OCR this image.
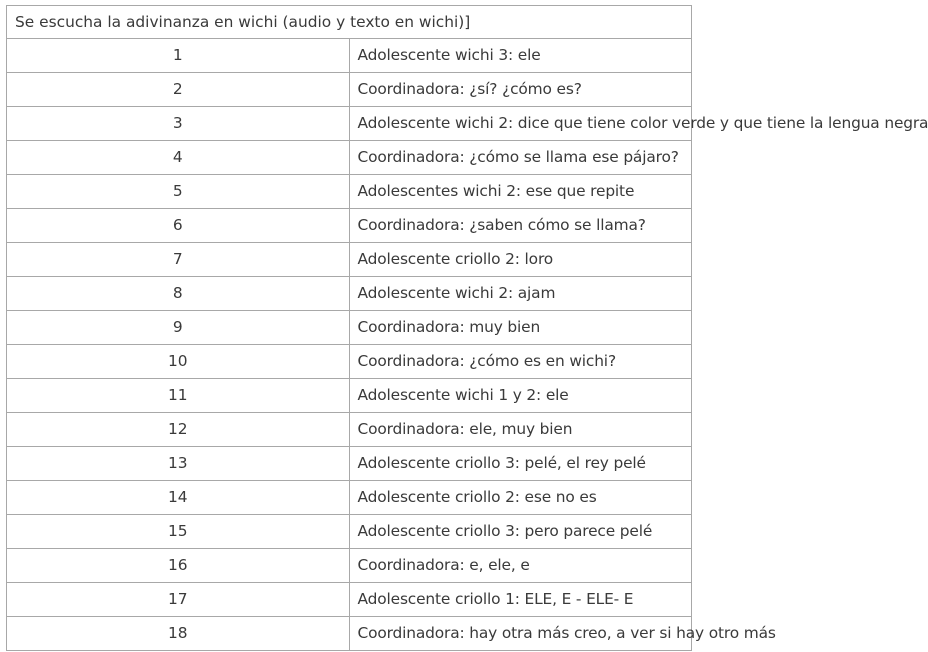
Se escucha la adivinanza en wichi (audio y texto en wichi)]	
1	Adolescente wichi 3: ele
2	Coordinadora: ¿sí? ¿cómo es?
3	Adolescente wichi 2: dice que tiene color verde y que tiene la lengua negra
4	Coordinadora: ¿cómo se llama ese pájaro?
5	Adolescentes wichi 2: ese que repite
6	Coordinadora: ¿saben cómo se llama?
7	Adolescente criollo 2: loro
8	Adolescente wichi 2: ajam
9	Coordinadora: muy bien
10	Coordinadora: ¿cómo es en wichi?
11	Adolescente wichi 1 y 2: ele
12	Coordinadora: ele, muy bien
13	Adolescente criollo 3: pelé, el rey pelé
14	Adolescente criollo 2: ese no es
15	Adolescente criollo 3: pero parece pelé
16	Coordinadora: e, ele, e
17	Adolescente criollo 1: ELE, E - ELE- E
18	Coordinadora: hay otra más creo, a ver si hay otro más
